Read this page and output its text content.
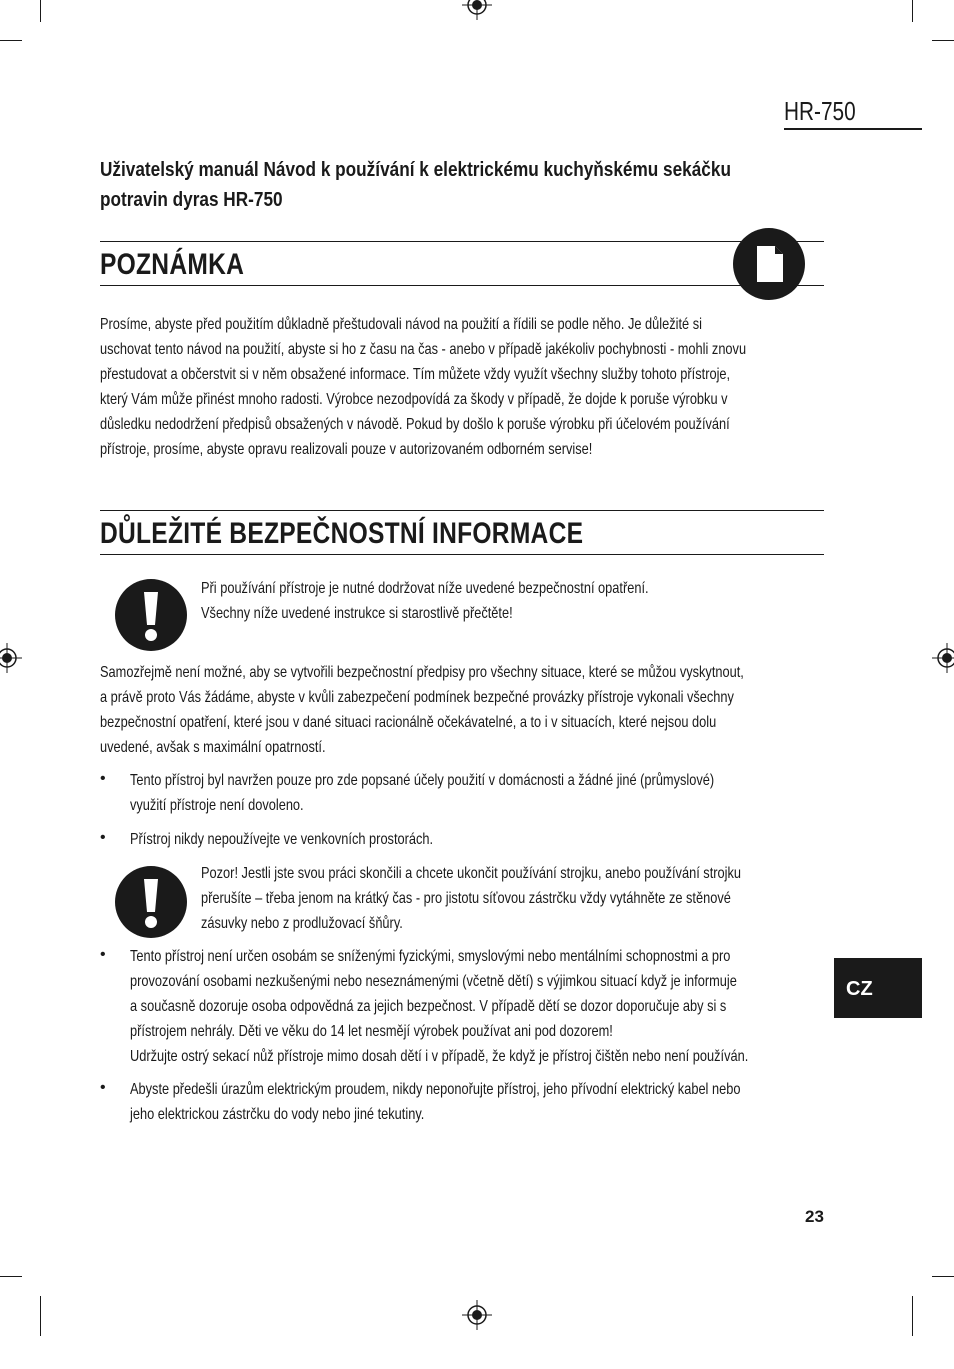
HR-750
Uživatelský manuál Návod k používání k elektrickému kuchyňskému sekáčku
potravin dyras HR-750
POZNÁMKA
Prosíme, abyste před použitím důkladně přeštudovali návod na použití a řídili se podle něho. Je důležité si
uschovat tento návod na použití, abyste si ho z času na čas - anebo v případě jakékoliv pochybnosti - mohli znovu
přestudovat a občerstvit si v něm obsažené informace. Tím můžete vždy využít všechny služby tohoto přístroje,
který Vám může přinést mnoho radosti. Výrobce nezodpovídá za škody v případě, že dojde k poruše výrobku v
důsledku nedodržení předpisů obsažených v návodě. Pokud by došlo k poruše výrobku při účelovém používání
přístroje, prosíme, abyste opravu realizovali pouze v autorizovaném odborném servise!
DŮLEŽITÉ BEZPEČNOSTNÍ INFORMACE
Při používání přístroje je nutné dodržovat níže uvedené bezpečnostní opatření.
Všechny níže uvedené instrukce si starostlivě přečtěte!
Samozřejmě není možné, aby se vytvořili bezpečnostní předpisy pro všechny situace, které se můžou vyskytnout,
a právě proto Vás žádáme, abyste v kvůli zabezpečení podmínek bezpečné provázky přístroje vykonali všechny
bezpečnostní opatření, které jsou v dané situaci racionálně očekávatelné, a to i v situacích, které nejsou dolu
uvedené, avšak s maximální opatrností.
• Tento přístroj byl navržen pouze pro zde popsané účely použití v domácnosti a žádné jiné (průmyslové)
využití přístroje není dovoleno.
• Přístroj nikdy nepoužívejte ve venkovních prostorách.
Pozor! Jestli jste svou práci skončili a chcete ukončit používání strojku, anebo používání strojku
přerušíte – třeba jenom na krátký čas - pro jistotu síťovou zástrčku vždy vytáhněte ze stěnové
zásuvky nebo z prodlužovací šňůry.
• Tento přístroj není určen osobám se sníženými fyzickými, smyslovými nebo mentálními schopnostmi a pro
provozování osobami nezkušenými nebo neseznámenými (včetně dětí) s výjimkou situací když je informuje
a současně dozoruje osoba odpovědná za jejich bezpečnost. V případě dětí se dozor doporučuje aby si s
přístrojem nehrály. Děti ve věku do 14 let nesmějí výrobek používat ani pod dozorem!
Udržujte ostrý sekací nůž přístroje mimo dosah dětí i v případě, že když je přístroj čištěn nebo není používán.
• Abyste předešli úrazům elektrickým proudem, nikdy neponořujte přístroj, jeho přívodní elektrický kabel nebo
jeho elektrickou zástrčku do vody nebo jiné tekutiny.
CZ
23
